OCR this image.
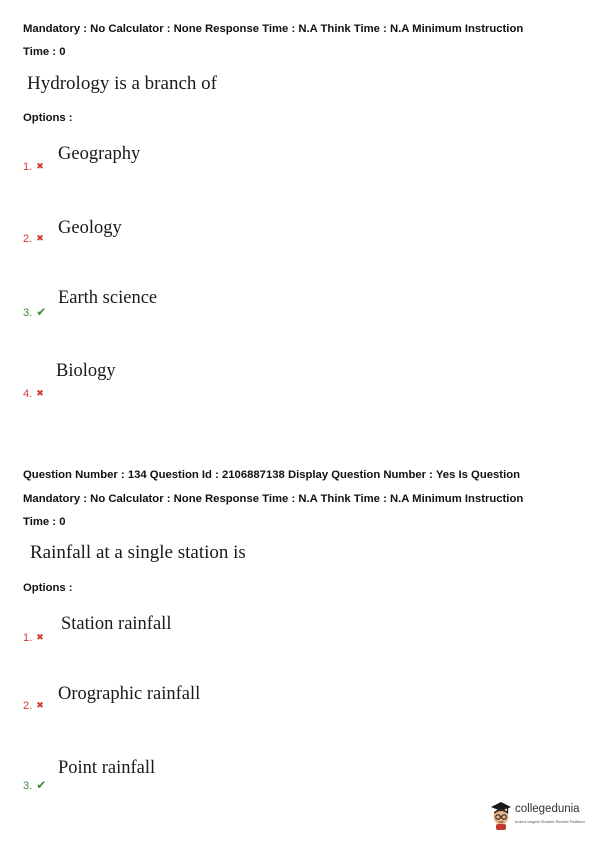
Mandatory : No Calculator : None Response Time : N.A Think Time : N.A Minimum Instruction
Time : 0
Hydrology is a branch of
Options :
Geography
1. ✖
Geology
2. ✖
Earth science
3. ✔
Biology
4. ✖
Question Number : 134 Question Id : 2106887138 Display Question Number : Yes Is Question
Mandatory : No Calculator : None Response Time : N.A Think Time : N.A Minimum Instruction
Time : 0
Rainfall at a single station is
Options :
Station rainfall
1. ✖
Orographic rainfall
2. ✖
Point rainfall
3. ✔
collegedunia
India's largest Student Review Platform
